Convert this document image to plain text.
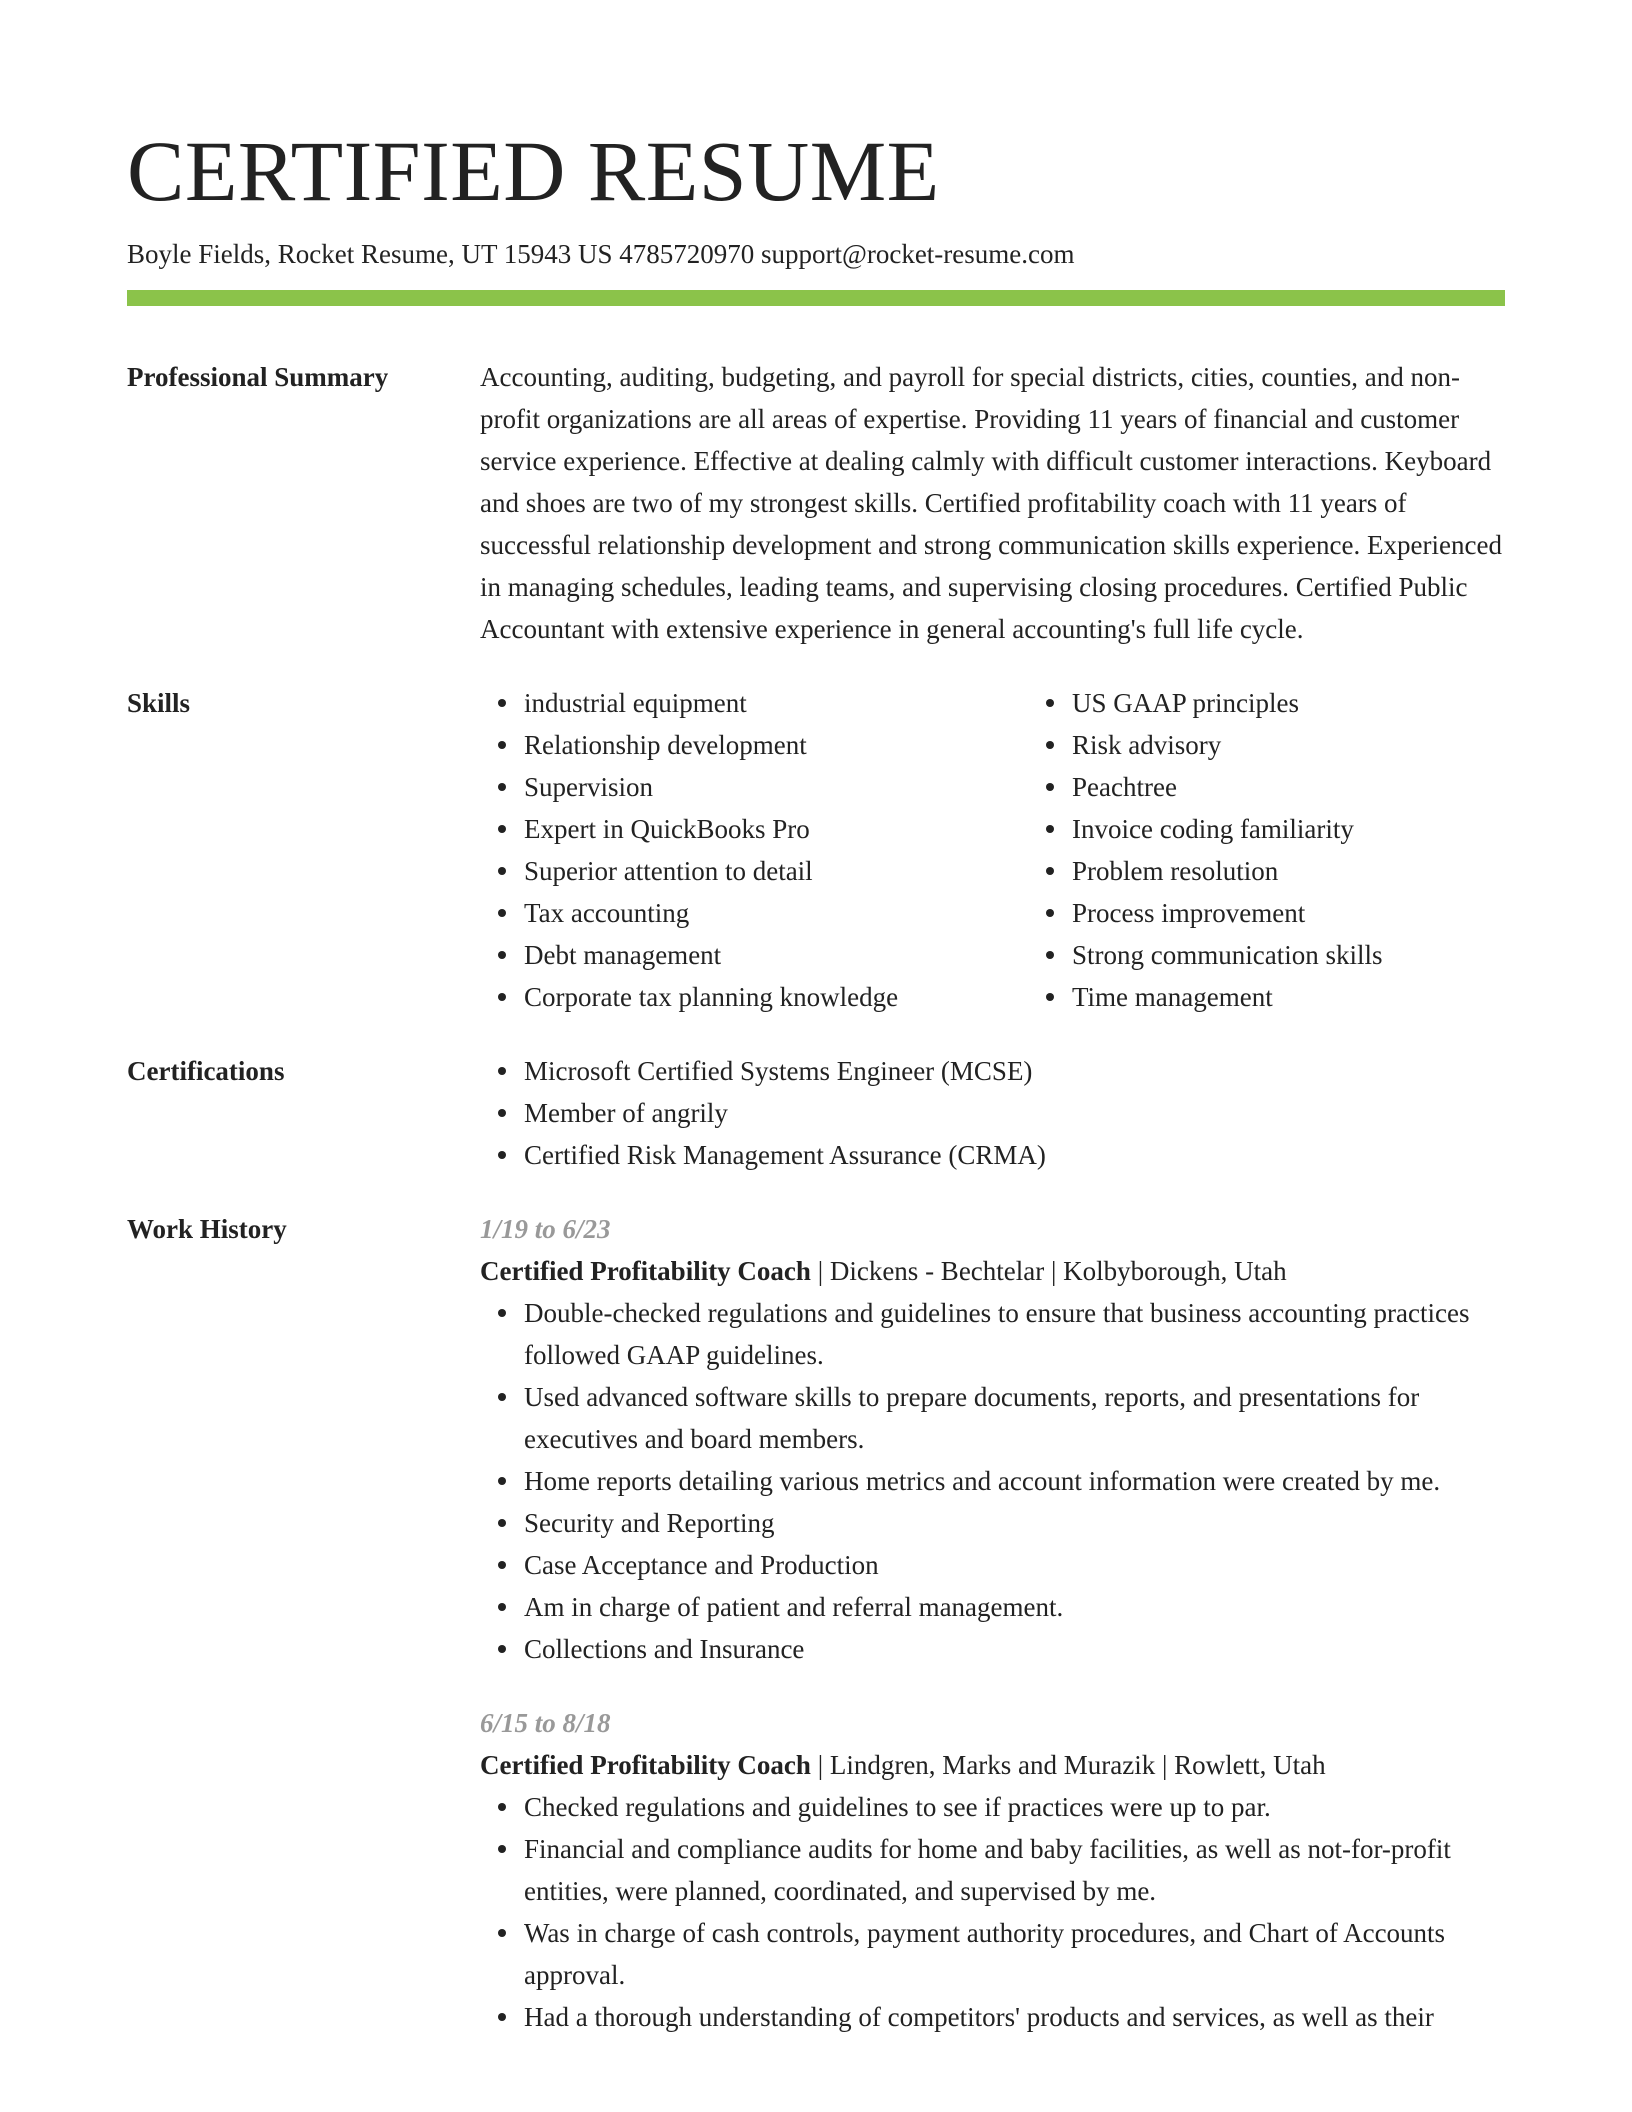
CERTIFIED RESUME
Boyle Fields, Rocket Resume, UT 15943 US 4785720970 support@rocket-resume.com
Professional Summary	Accounting, auditing, budgeting, and payroll for special districts, cities, counties, and non-profit organizations are all areas of expertise. Providing 11 years of financial and customer service experience. Effective at dealing calmly with difficult customer interactions. Keyboard and shoes are two of my strongest skills. Certified profitability coach with 11 years of successful relationship development and strong communication skills experience. Experienced in managing schedules, leading teams, and supervising closing procedures. Certified Public Accountant with extensive experience in general accounting's full life cycle.
Skills	industrial equipment
Relationship development
Supervision
Expert in QuickBooks Pro
Superior attention to detail
Tax accounting
Debt management
Corporate tax planning knowledge
US GAAP principles
Risk advisory
Peachtree
Invoice coding familiarity
Problem resolution
Process improvement
Strong communication skills
Time management
Certifications	Microsoft Certified Systems Engineer (MCSE)
Member of angrily
Certified Risk Management Assurance (CRMA)
Work History	1/19 to 6/23
Certified Profitability Coach | Dickens - Bechtelar | Kolbyborough, Utah
Double-checked regulations and guidelines to ensure that business accounting practices followed GAAP guidelines.
Used advanced software skills to prepare documents, reports, and presentations for executives and board members.
Home reports detailing various metrics and account information were created by me.
Security and Reporting
Case Acceptance and Production
Am in charge of patient and referral management.
Collections and Insurance
6/15 to 8/18
Certified Profitability Coach | Lindgren, Marks and Murazik | Rowlett, Utah
Checked regulations and guidelines to see if practices were up to par.
Financial and compliance audits for home and baby facilities, as well as not-for-profit entities, were planned, coordinated, and supervised by me.
Was in charge of cash controls, payment authority procedures, and Chart of Accounts approval.
Had a thorough understanding of competitors' products and services, as well as their
